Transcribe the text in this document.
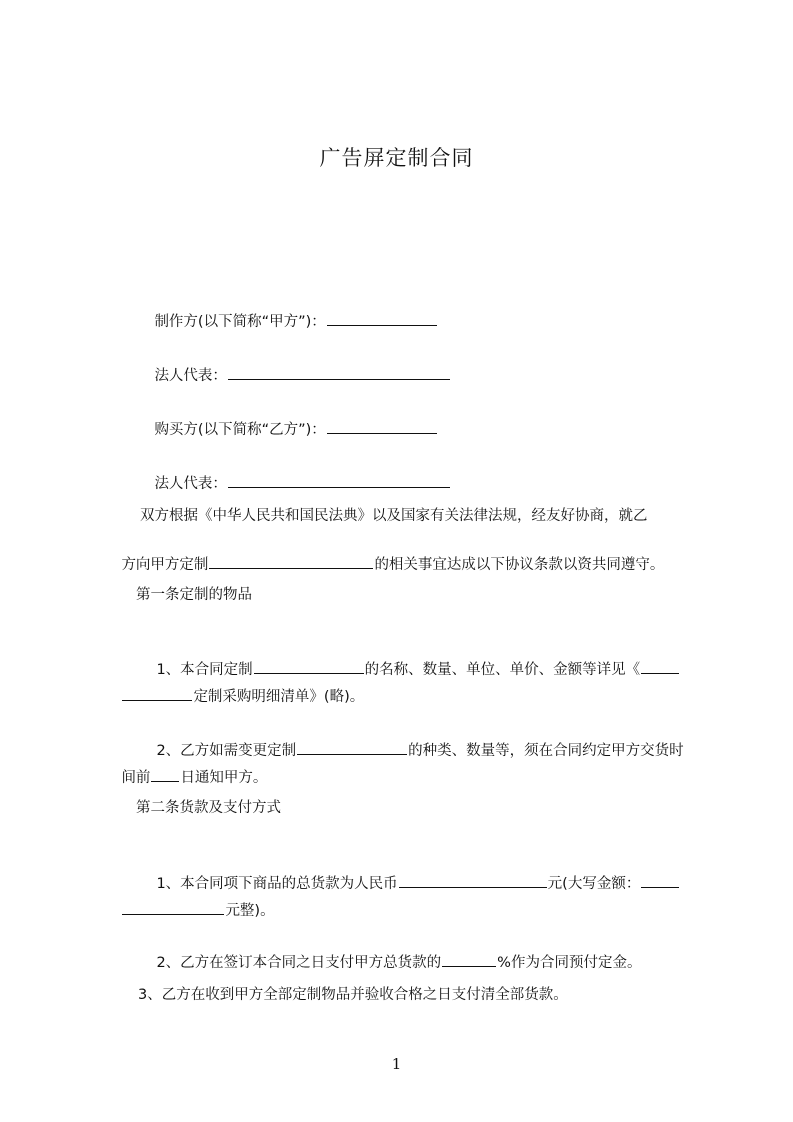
广告屏定制合同

制作方(以下简称“甲方”)：

法人代表：

购买方(以下简称“乙方”)：

法人代表：

双方根据《中华人民共和国民法典》以及国家有关法律法规，经友好协商，就乙

方向甲方定制	的相关事宜达成以下协议条款以资共同遵守。

第一条定制的物品

1、本合同定制	的名称、数量、单位、单价、金额等详见《

定制采购明细清单》(略)。

2、乙方如需变更定制	的种类、数量等，须在合同约定甲方交货时

间前 日通知甲方。

第二条货款及支付方式

1、本合同项下商品的总货款为人民币	元(大写金额：

元整)。

2、乙方在签订本合同之日支付甲方总货款的	%作为合同预付定金。

3、乙方在收到甲方全部定制物品并验收合格之日支付清全部货款。
1
